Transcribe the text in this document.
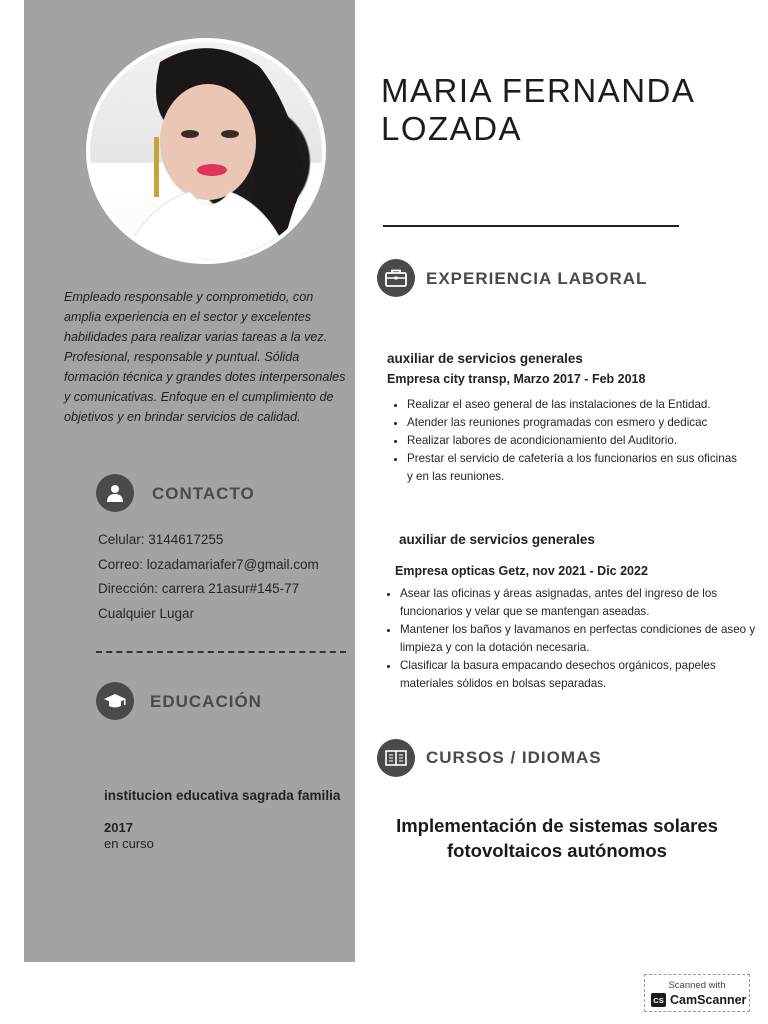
Empleado responsable y comprometido, con amplia experiencia en el sector y excelentes habilidades para realizar varias tareas a la vez. Profesional, responsable y puntual. Sólida formación técnica y grandes dotes interpersonales y comunicativas. Enfoque en el cumplimiento de objetivos y en brindar servicios de calidad.
CONTACTO
Celular: 3144617255
Correo: lozadamariafer7@gmail.com
Dirección: carrera 21asur#145-77
Cualquier Lugar
EDUCACIÓN
institucion educativa sagrada familia
2017
en curso
MARIA FERNANDA
LOZADA
EXPERIENCIA LABORAL
auxiliar de servicios generales
Empresa city transp, Marzo 2017 - Feb 2018
• Realizar el aseo general de las instalaciones de la Entidad.
• Atender las reuniones programadas con esmero y dedicac
• Realizar labores de acondicionamiento del Auditorio.
• Prestar el servicio de cafetería a los funcionarios en sus oficinas y en las reuniones.
auxiliar de servicios generales
Empresa opticas Getz, nov 2021 - Dic 2022
• Asear las oficinas y áreas asignadas, antes del ingreso de los funcionarios y velar que se mantengan aseadas.
• Mantener los baños y lavamanos en perfectas condiciones de aseo y limpieza y con la dotación necesaria.
• Clasificar la basura empacando desechos orgánicos, papeles materiales sólidos en bolsas separadas.
CURSOS / IDIOMAS
Implementación de sistemas solares
fotovoltaicos autónomos
Scanned with
CS CamScanner
